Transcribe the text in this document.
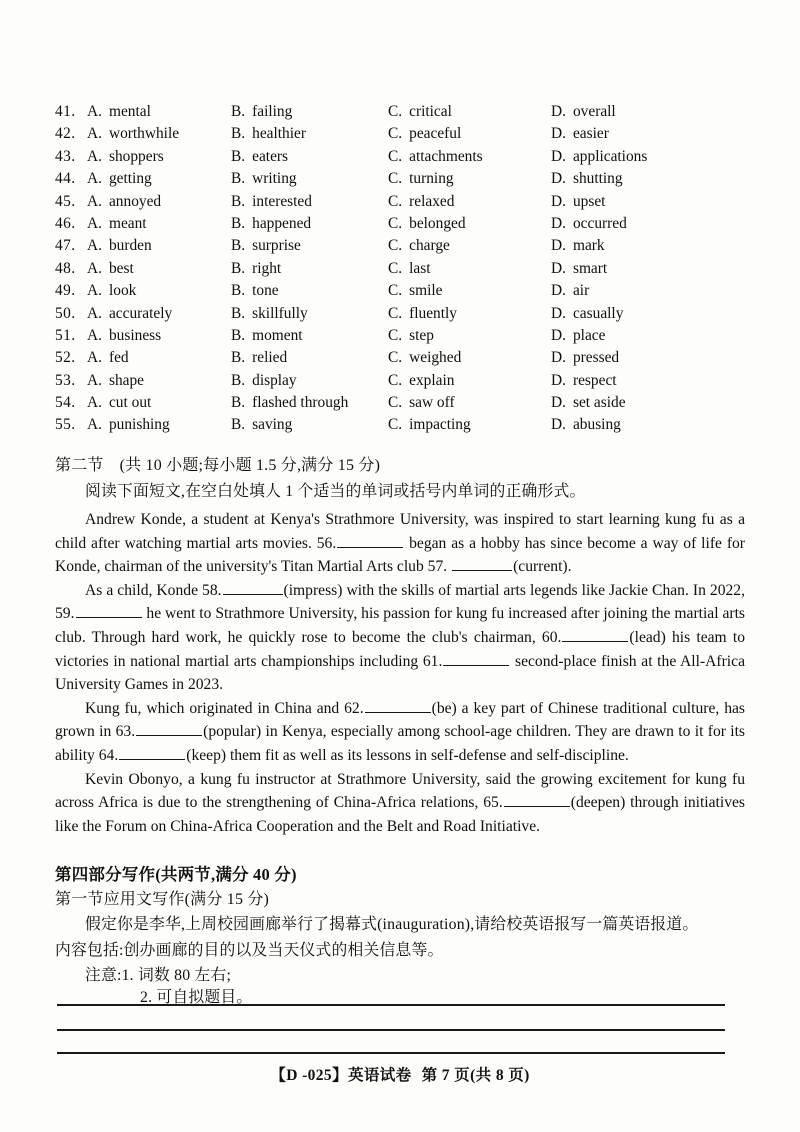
41. A. mental	B. failing	C. critical	D. overall
42. A. worthwhile	B. healthier	C. peaceful	D. easier
43. A. shoppers	B. eaters	C. attachments	D. applications
44. A. getting	B. writing	C. turning	D. shutting
45. A. annoyed	B. interested	C. relaxed	D. upset
46. A. meant	B. happened	C. belonged	D. occurred
47. A. burden	B. surprise	C. charge	D. mark
48. A. best	B. right	C. last	D. smart
49. A. look	B. tone	C. smile	D. air
50. A. accurately	B. skillfully	C. fluently	D. casually
51. A. business	B. moment	C. step	D. place
52. A. fed	B. relied	C. weighed	D. pressed
53. A. shape	B. display	C. explain	D. respect
54. A. cut out	B. flashed through	C. saw off	D. set aside
55. A. punishing	B. saving	C. impacting	D. abusing
第二节 (共 10 小题;每小题 1.5 分,满分 15 分)
阅读下面短文,在空白处填人 1 个适当的单词或括号内单词的正确形式。

Andrew Konde, a student at Kenya's Strathmore University, was inspired to start learning kung fu as a child after watching martial arts movies. 56.	began as a hobby has since become a way of life for Konde, chairman of the university's Titan Martial Arts club 57.	(current).

As a child, Konde 58.	(impress) with the skills of martial arts legends like Jackie Chan. In 2022, 59.	he went to Strathmore University, his passion for kung fu increased after joining the martial arts club. Through hard work, he quickly rose to become the club's chairman, 60.	(lead) his team to victories in national martial arts championships including 61.	second-place finish at the All-Africa University Games in 2023.

Kung fu, which originated in China and 62.	(be) a key part of Chinese traditional culture, has grown in 63.	(popular) in Kenya, especially among school-age children. They are drawn to it for its ability 64.	(keep) them fit as well as its lessons in self-defense and self-discipline.

Kevin Obonyo, a kung fu instructor at Strathmore University, said the growing excitement for kung fu across Africa is due to the strengthening of China-Africa relations, 65.	(deepen) through initiatives like the Forum on China-Africa Cooperation and the Belt and Road Initiative.

第四部分写作(共两节,满分 40 分)
第一节应用文写作(满分 15 分)
假定你是李华,上周校园画廊举行了揭幕式(inauguration),请给校英语报写一篇英语报道。
内容包括:创办画廊的目的以及当天仪式的相关信息等。
注意:1. 词数 80 左右;
2. 可自拟题目。
【D -025】英语试卷 第 7 页(共 8 页)
